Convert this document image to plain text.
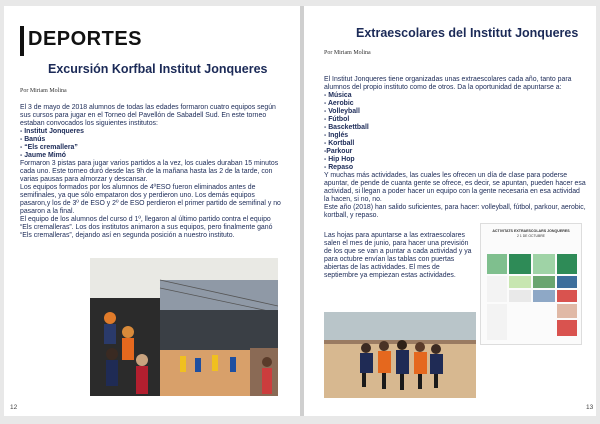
DEPORTES
Excursión Korfbal Institut Jonqueres
Por Miriam Molina

El 3 de mayo de 2018 alumnos de todas las edades formaron cuatro equipos según sus cursos para jugar en el Torneo del Pavellón de Sabadell Sud. En este torneo estaban convocados los siguientes institutos:

- Institut Jonqueres

- Banús

- “Els cremallera”

- Jaume Mimó

Formaron 3 pistas para jugar varios partidos a la vez, los cuales duraban 15 minutos cada uno. Este torneo duró desde las 9h de la mañana hasta las 2 de la tarde, con varias pausas para almorzar y descansar.

Los equipos formados por los alumnos de 4ºESO fueron eliminados antes de semifinales, ya que sólo empataron dos y perdieron uno. Los demás equipos pasaron,y los de 3º de ESO y 2º de ESO perdieron el primer partido de semifinal y no pasaron a la final.

El equipo de los alumnos del curso d 1º, llegaron al último partido contra el equipo “Els cremalleras”. Los dos institutos animaron a sus equipos, pero finalmente ganó “Els cremalleras”, dejando así en segunda posición a nuestro instituto.

12
Extraescolares del Institut Jonqueres
Por Miriam Molina

El Institut Jonqueres tiene organizadas unas extraescolares cada año, tanto para alumnos del propio instituto como de otros. Da la oportunidad de apuntarse a:

- Música

- Aerobic

- Volleyball

- Fútbol

- Basckettball

- Inglés

- Kortball

-Parkour

- Hip Hop

- Repaso

Y muchas más actividades, las cuales les ofrecen un día de clase para poderse apuntar, de pende de cuanta gente se ofrece, es decir, se apuntan, pueden hacer esa actividad, si llegan a poder hacer un equipo con la gente necesaria en esa actividad la hacen, si no, no.

Este año (2018) han salido suficientes, para hacer: volleyball, fútbol, parkour, aerobic, kortball, y repaso.

Las hojas para apuntarse a las extraescolares salen el mes de junio, para hacer una previsión de los que se van a puntar a cada actividad y ya para octubre envían las tablas con puertas abiertas de las actividades. El mes de septiembre ya empiezan estas actividades.

ACTIVITATS EXTRAESCOLARS JONQUERES
2 1 DE OCTUBRE
13
